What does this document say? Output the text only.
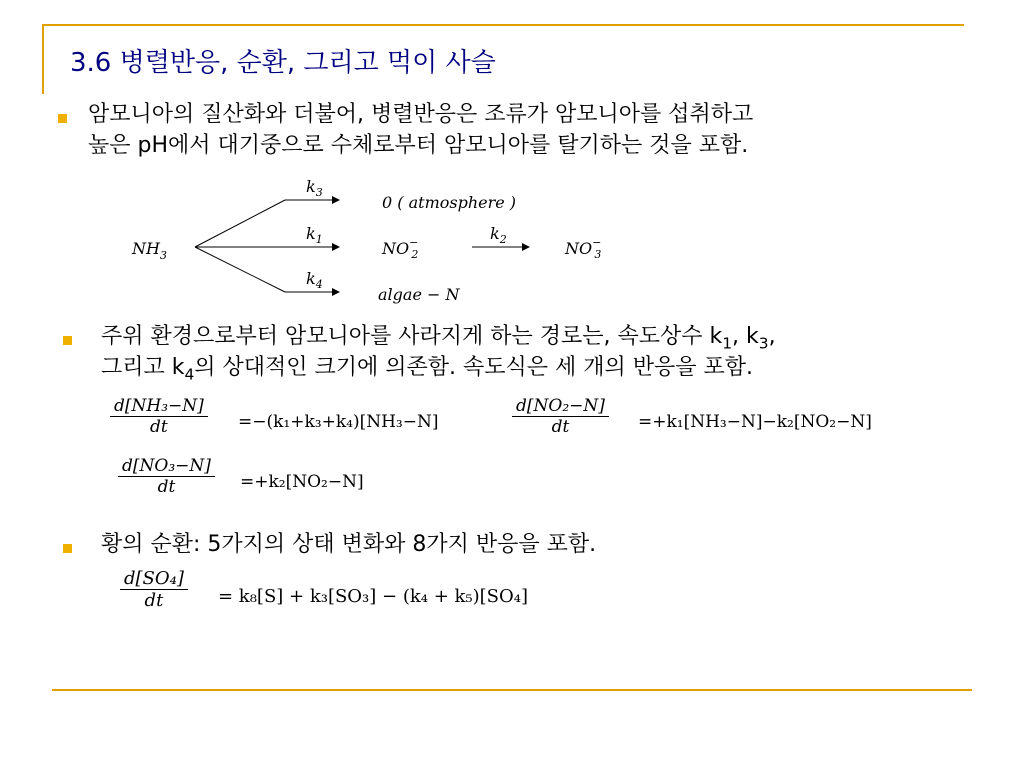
3.6 병렬반응, 순환, 그리고 먹이 사슬
암모니아의 질산화와 더불어, 병렬반응은 조류가 암모니아를 섭취하고
높은 pH에서 대기중으로 수체로부터 암모니아를 탈기하는 것을 포함.
$NH_3$
$k_3$
$k_1$
$k_4$
$k_2$
0 ( atmosphere )
NO− 2	NO− 3
algae − N
주위 환경으로부터 암모니아를 사라지게 하는 경로는, 속도상수 $k_1$, $k_3$,
그리고 $k_4$의 상대적인 크기에 의존함. 속도식은 세 개의 반응을 포함.
$\frac{\text{d[NH₃−N]}}{dt} =-(k_1+k_3+k_4)[NH_3-N]$	$\frac{\text{d[NO₂−N]}}{dt} =+k_1[NH_3-N]-k_2[NO_2-N]$
$\frac{\text{d[NO₃−N]}}{dt} =+k_2[NO_2-N]$
황의 순환: 5가지의 상태 변화와 8가지 반응을 포함.
$\frac{\text{d[SO₄]}}{dt} = k_8[S] + k_3[SO_3] - (k_4 + k_5)[SO_4]$
